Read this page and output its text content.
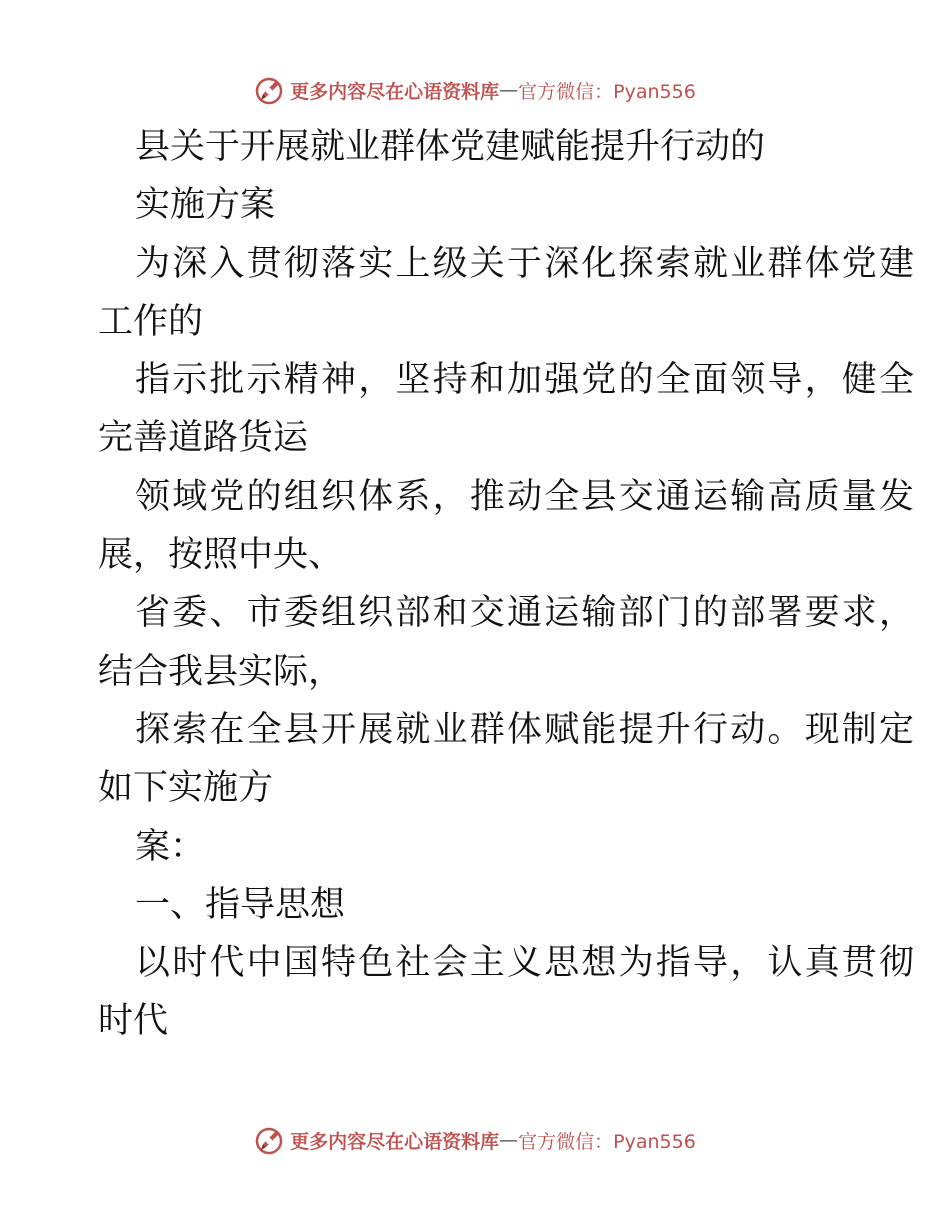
更多内容尽在心语资料库 — 官方微信：Pyan556
县关于开展就业群体党建赋能提升行动的
实施方案
为深入贯彻落实上级关于深化探索就业群体党建
工作的
指示批示精神，坚持和加强党的全面领导，健全
完善道路货运
领域党的组织体系，推动全县交通运输高质量发
展，按照中央、
省委、市委组织部和交通运输部门的部署要求，
结合我县实际，
探索在全县开展就业群体赋能提升行动。现制定
如下实施方
案：
一、指导思想
以时代中国特色社会主义思想为指导，认真贯彻
时代
更多内容尽在心语资料库 — 官方微信：Pyan556
